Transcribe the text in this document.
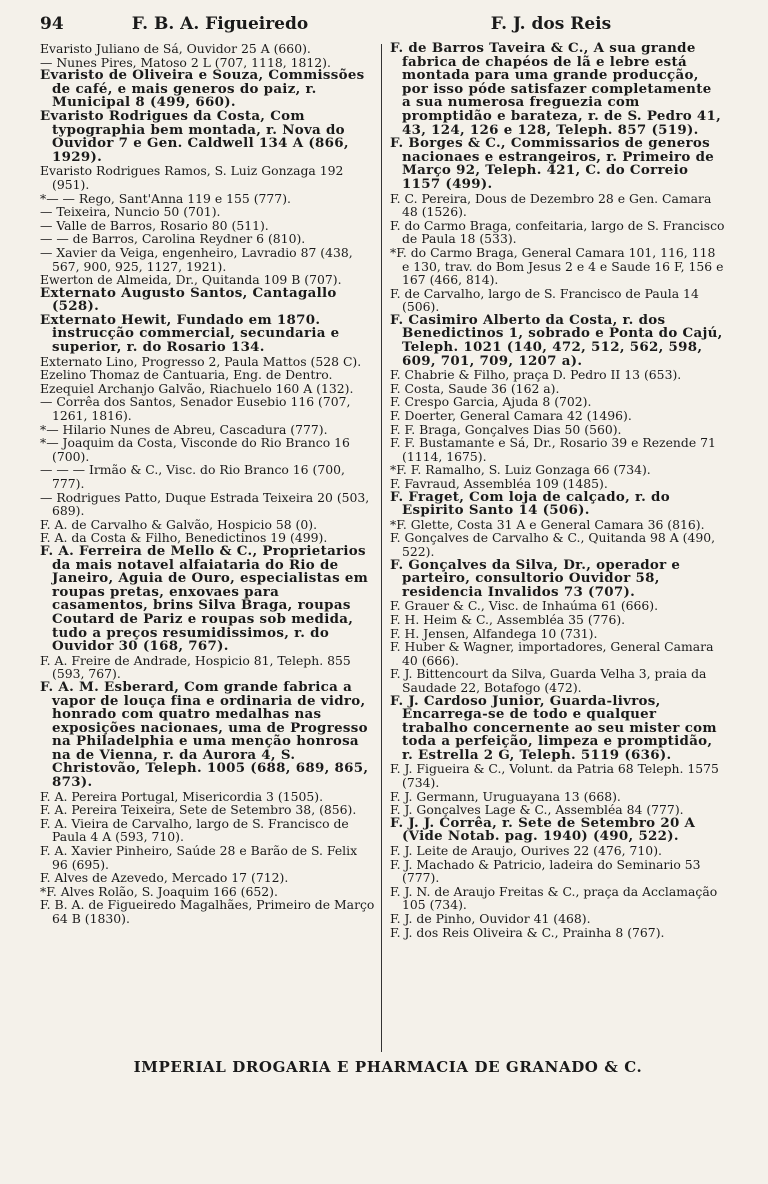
94	F. B. A. Figueiredo	F. J. dos Reis
Evaristo Juliano de Sá, Ouvidor 25 A (660).
— Nunes Pires, Matoso 2 L (707, 1118, 1812).
Evaristo de Oliveira e Souza, Commissões de café, e mais generos do paiz, r. Municipal 8 (499, 660).
Evaristo Rodrigues da Costa, Com typographia bem montada, r. Nova do Ouvidor 7 e Gen. Caldwell 134 A (866, 1929).
Evaristo Rodrigues Ramos, S. Luiz Gonzaga 192 (951).
*— — Rego, Sant'Anna 119 e 155 (777).
— Teixeira, Nuncio 50 (701).
— Valle de Barros, Rosario 80 (511).
— — de Barros, Carolina Reydner 6 (810).
— Xavier da Veiga, engenheiro, Lavradio 87 (438, 567, 900, 925, 1127, 1921).
Ewerton de Almeida, Dr., Quitanda 109 B (707).
Externato Augusto Santos, Cantagallo (528).
Externato Hewit, Fundado em 1870. instrucção commercial, secundaria e superior, r. do Rosario 134.
Externato Lino, Progresso 2, Paula Mattos (528 C).
Ezelino Thomaz de Cantuaria, Eng. de Dentro.
Ezequiel Archanjo Galvão, Riachuelo 160 A (132).
— Corrêa dos Santos, Senador Eusebio 116 (707, 1261, 1816).
*— Hilario Nunes de Abreu, Cascadura (777).
*— Joaquim da Costa, Visconde do Rio Branco 16 (700).
— — — Irmão & C., Visc. do Rio Branco 16 (700, 777).
— Rodrigues Patto, Duque Estrada Teixeira 20 (503, 689).
F. A. de Carvalho & Galvão, Hospicio 58 (0).
F. A. da Costa & Filho, Benedictinos 19 (499).
F. A. Ferreira de Mello & C., Proprietarios da mais notavel alfaiataria do Rio de Janeiro, Aguia de Ouro, especialistas em roupas pretas, enxovaes para casamentos, brins Silva Braga, roupas Coutard de Pariz e roupas sob medida, tudo a preços resumidissimos, r. do Ouvidor 30 (168, 767).
F. A. Freire de Andrade, Hospicio 81, Teleph. 855 (593, 767).
F. A. M. Esberard, Com grande fabrica a vapor de louça fina e ordinaria de vidro, honrado com quatro medalhas nas exposições nacionaes, uma de Progresso na Philadelphia e uma menção honrosa na de Vienna, r. da Aurora 4, S. Christovão, Teleph. 1005 (688, 689, 865, 873).
F. A. Pereira Portugal, Misericordia 3 (1505).
F. A. Pereira Teixeira, Sete de Setembro 38, (856).
F. A. Vieira de Carvalho, largo de S. Francisco de Paula 4 A (593, 710).
F. A. Xavier Pinheiro, Saúde 28 e Barão de S. Felix 96 (695).
F. Alves de Azevedo, Mercado 17 (712).
*F. Alves Rolão, S. Joaquim 166 (652).
F. B. A. de Figueiredo Magalhães, Primeiro de Março 64 B (1830).
F. de Barros Taveira & C., A sua grande fabrica de chapéos de lã e lebre está montada para uma grande producção, por isso póde satisfazer completamente a sua numerosa freguezia com promptidão e barateza, r. de S. Pedro 41, 43, 124, 126 e 128, Teleph. 857 (519).
F. Borges & C., Commissarios de generos nacionaes e estrangeiros, r. Primeiro de Março 92, Teleph. 421, C. do Correio 1157 (499).
F. C. Pereira, Dous de Dezembro 28 e Gen. Camara 48 (1526).
F. do Carmo Braga, confeitaria, largo de S. Francisco de Paula 18 (533).
*F. do Carmo Braga, General Camara 101, 116, 118 e 130, trav. do Bom Jesus 2 e 4 e Saude 16 F, 156 e 167 (466, 814).
F. de Carvalho, largo de S. Francisco de Paula 14 (506).
F. Casimiro Alberto da Costa, r. dos Benedictinos 1, sobrado e Ponta do Cajú, Teleph. 1021 (140, 472, 512, 562, 598, 609, 701, 709, 1207 a).
F. Chabrie & Filho, praça D. Pedro II 13 (653).
F. Costa, Saude 36 (162 a).
F. Crespo Garcia, Ajuda 8 (702).
F. Doerter, General Camara 42 (1496).
F. F. Braga, Gonçalves Dias 50 (560).
F. F. Bustamante e Sá, Dr., Rosario 39 e Rezende 71 (1114, 1675).
*F. F. Ramalho, S. Luiz Gonzaga 66 (734).
F. Favraud, Assembléa 109 (1485).
F. Fraget, Com loja de calçado, r. do Espirito Santo 14 (506).
*F. Glette, Costa 31 A e General Camara 36 (816).
F. Gonçalves de Carvalho & C., Quitanda 98 A (490, 522).
F. Gonçalves da Silva, Dr., operador e parteiro, consultorio Ouvidor 58, residencia Invalidos 73 (707).
F. Grauer & C., Visc. de Inhaúma 61 (666).
F. H. Heim & C., Assembléa 35 (776).
F. H. Jensen, Alfandega 10 (731).
F. Huber & Wagner, importadores, General Camara 40 (666).
F. J. Bittencourt da Silva, Guarda Velha 3, praia da Saudade 22, Botafogo (472).
F. J. Cardoso Junior, Guarda-livros, Encarrega-se de todo e qualquer trabalho concernente ao seu mister com toda a perfeição, limpeza e promptidão, r. Estrella 2 G, Teleph. 5119 (636).
F. J. Figueira & C., Volunt. da Patria 68 Teleph. 1575 (734).
F. J. Germann, Uruguayana 13 (668).
F. J. Gonçalves Lage & C., Assembléa 84 (777).
F. J. J. Corrêa, r. Sete de Setembro 20 A (Vide Notab. pag. 1940) (490, 522).
F. J. Leite de Araujo, Ourives 22 (476, 710).
F. J. Machado & Patricio, ladeira do Seminario 53 (777).
F. J. N. de Araujo Freitas & C., praça da Acclamação 105 (734).
F. J. de Pinho, Ouvidor 41 (468).
F. J. dos Reis Oliveira & C., Prainha 8 (767).
IMPERIAL DROGARIA E PHARMACIA DE GRANADO & C.
